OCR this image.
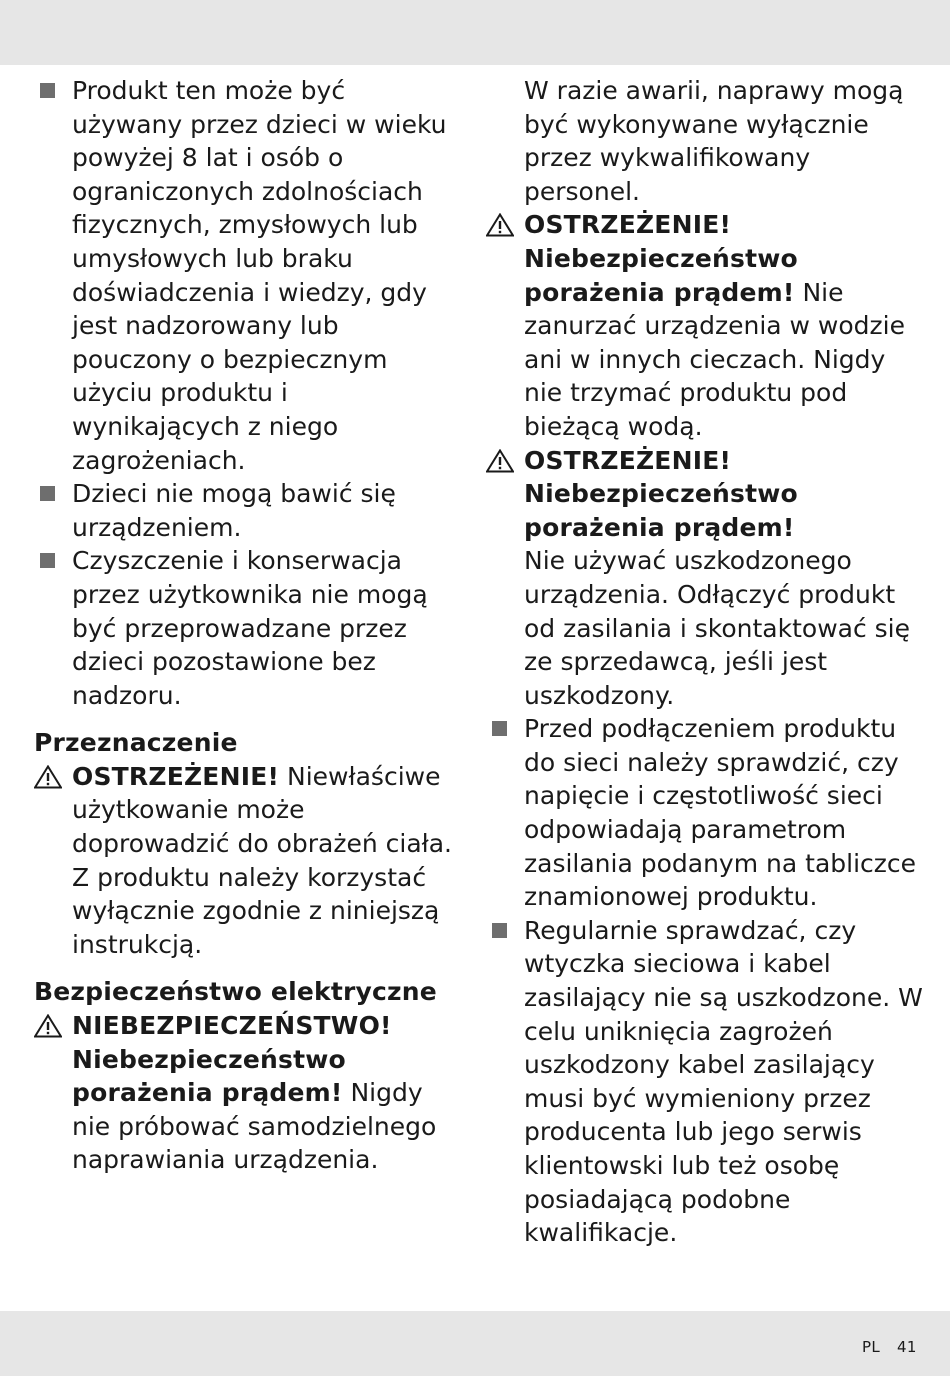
Produkt ten może być używany przez dzieci w wieku powyżej 8 lat i osób o ograniczonych zdolnościach fizycznych, zmysłowych lub umysłowych lub braku doświadczenia i wiedzy, gdy jest nadzorowany lub pouczony o bezpiecznym użyciu produktu i wynikających z niego zagrożeniach.
Dzieci nie mogą bawić się urządzeniem.
Czyszczenie i konserwacja przez użytkownika nie mogą być przeprowadzane przez dzieci pozostawione bez nadzoru.
Przeznaczenie
OSTRZEŻENIE! Niewłaściwe użytkowanie może doprowadzić do obrażeń ciała. Z produktu należy korzystać wyłącznie zgodnie z niniejszą instrukcją.
Bezpieczeństwo elektryczne
NIEBEZPIECZEŃSTWO! Niebezpieczeństwo porażenia prądem! Nigdy nie próbować samodzielnego naprawiania urządzenia.
W razie awarii, naprawy mogą być wykonywane wyłącznie przez wykwalifikowany personel.
OSTRZEŻENIE! Niebezpieczeństwo porażenia prądem! Nie zanurzać urządzenia w wodzie ani w innych cieczach. Nigdy nie trzymać produktu pod bieżącą wodą.
OSTRZEŻENIE! Niebezpieczeństwo porażenia prądem!
Nie używać uszkodzonego urządzenia. Odłączyć produkt od zasilania i skontaktować się ze sprzedawcą, jeśli jest uszkodzony.
Przed podłączeniem produktu do sieci należy sprawdzić, czy napięcie i częstotliwość sieci odpowiadają parametrom zasilania podanym na tabliczce znamionowej produktu.
Regularnie sprawdzać, czy wtyczka sieciowa i kabel zasilający nie są uszkodzone. W celu uniknięcia zagrożeń uszkodzony kabel zasilający musi być wymieniony przez producenta lub jego serwis klientowski lub też osobę posiadającą podobne kwalifikacje.
PL 41
